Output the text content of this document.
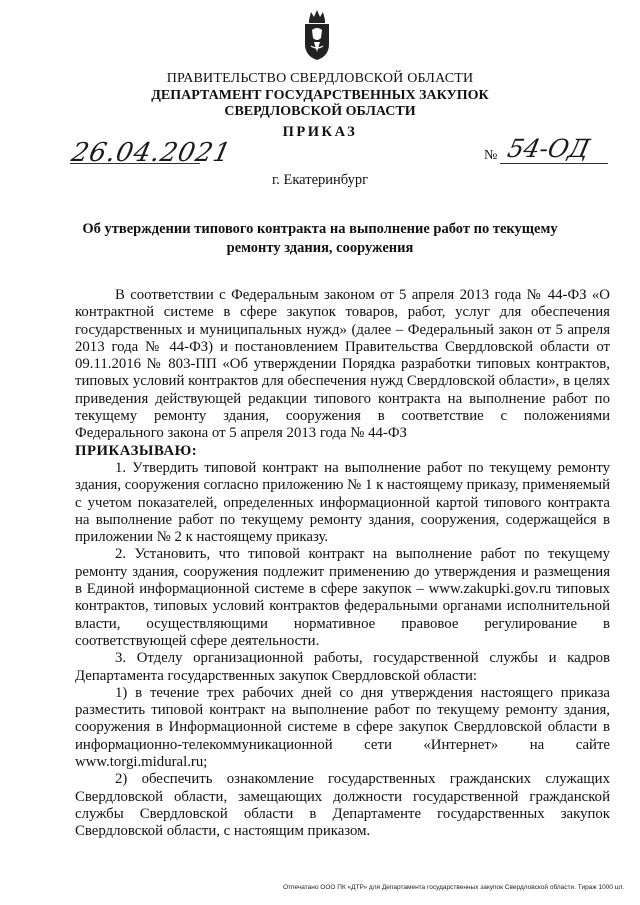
ПРАВИТЕЛЬСТВО СВЕРДЛОВСКОЙ ОБЛАСТИ
ДЕПАРТАМЕНТ ГОСУДАРСТВЕННЫХ ЗАКУПОК
СВЕРДЛОВСКОЙ ОБЛАСТИ
ПРИКАЗ
26.04.2021	№ 54-ОД
г. Екатеринбург
Об утверждении типового контракта на выполнение работ по текущему ремонту здания, сооружения

В соответствии с Федеральным законом от 5 апреля 2013 года № 44-ФЗ «О контрактной системе в сфере закупок товаров, работ, услуг для обеспечения государственных и муниципальных нужд» (далее – Федеральный закон от 5 апреля 2013 года № 44-ФЗ) и постановлением Правительства Свердловской области от 09.11.2016 № 803-ПП «Об утверждении Порядка разработки типовых контрактов, типовых условий контрактов для обеспечения нужд Свердловской области», в целях приведения действующей редакции типового контракта на выполнение работ по текущему ремонту здания, сооружения в соответствие с положениями Федерального закона от 5 апреля 2013 года № 44-ФЗ

ПРИКАЗЫВАЮ:

1. Утвердить типовой контракт на выполнение работ по текущему ремонту здания, сооружения согласно приложению № 1 к настоящему приказу, применяемый с учетом показателей, определенных информационной картой типового контракта на выполнение работ по текущему ремонту здания, сооружения, содержащейся в приложении № 2 к настоящему приказу.

2. Установить, что типовой контракт на выполнение работ по текущему ремонту здания, сооружения подлежит применению до утверждения и размещения в Единой информационной системе в сфере закупок – www.zakupki.gov.ru типовых контрактов, типовых условий контрактов федеральными органами исполнительной власти, осуществляющими нормативное правовое регулирование в соответствующей сфере деятельности.

3. Отделу организационной работы, государственной службы и кадров Департамента государственных закупок Свердловской области:

1) в течение трех рабочих дней со дня утверждения настоящего приказа разместить типовой контракт на выполнение работ по текущему ремонту здания, сооружения в Информационной системе в сфере закупок Свердловской области в информационно-телекоммуникационной сети «Интернет» на сайте www.torgi.midural.ru;

2) обеспечить ознакомление государственных гражданских служащих Свердловской области, замещающих должности государственной гражданской службы Свердловской области в Департаменте государственных закупок Свердловской области, с настоящим приказом.

Отпечатано ООО ПК «ДТР» для Департамента государственных закупок Свердловской области. Тираж 1000 шт.
